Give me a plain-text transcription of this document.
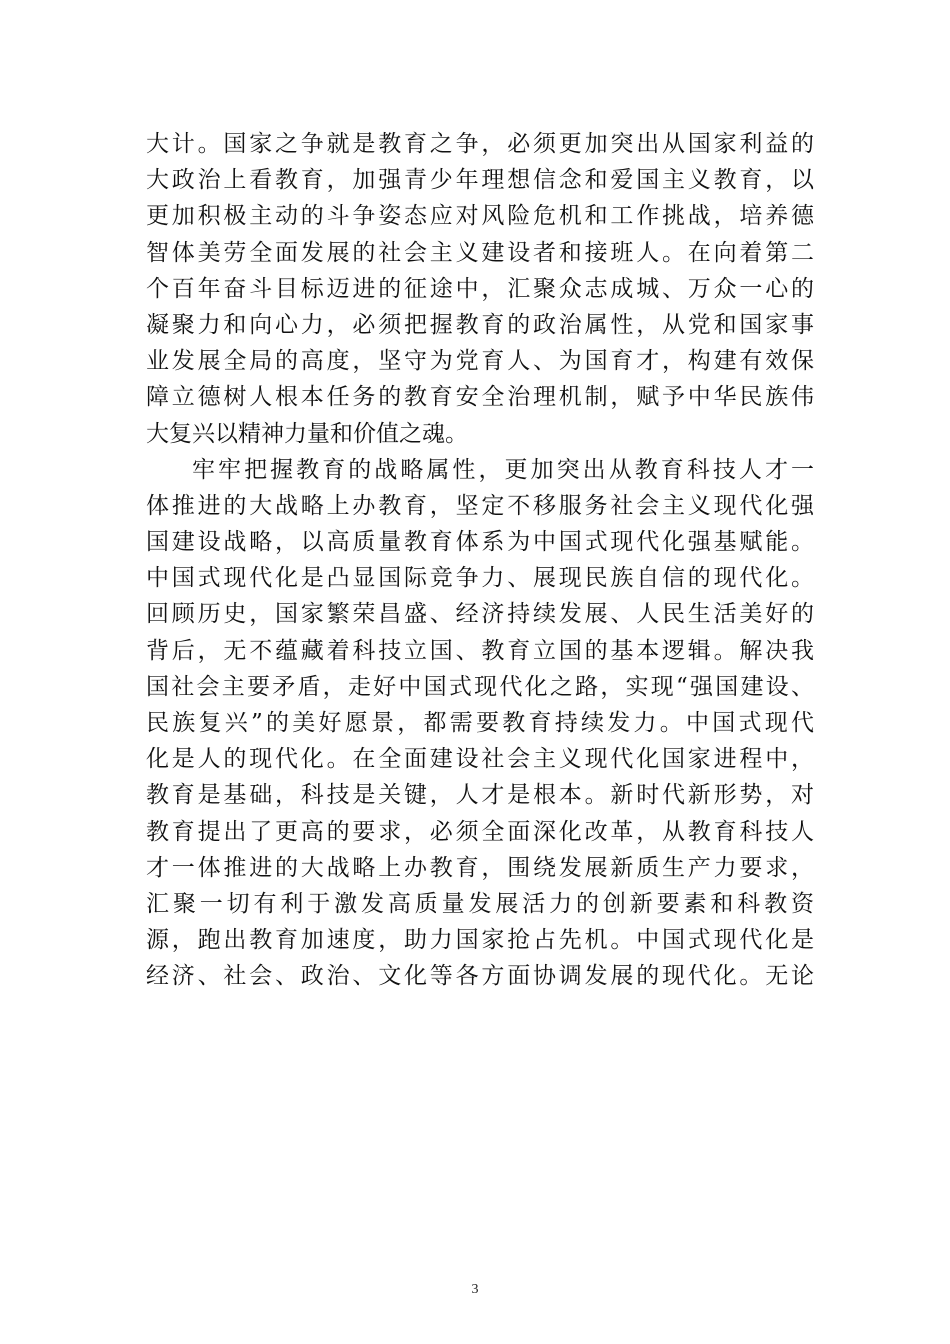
大计。国家之争就是教育之争，必须更加突出从国家利益的
大政治上看教育，加强青少年理想信念和爱国主义教育，以
更加积极主动的斗争姿态应对风险危机和工作挑战，培养德
智体美劳全面发展的社会主义建设者和接班人。在向着第二
个百年奋斗目标迈进的征途中，汇聚众志成城、万众一心的
凝聚力和向心力，必须把握教育的政治属性，从党和国家事
业发展全局的高度，坚守为党育人、为国育才，构建有效保
障立德树人根本任务的教育安全治理机制，赋予中华民族伟
大复兴以精神力量和价值之魂。
牢牢把握教育的战略属性，更加突出从教育科技人才一
体推进的大战略上办教育，坚定不移服务社会主义现代化强
国建设战略，以高质量教育体系为中国式现代化强基赋能。
中国式现代化是凸显国际竞争力、展现民族自信的现代化。
回顾历史，国家繁荣昌盛、经济持续发展、人民生活美好的
背后，无不蕴藏着科技立国、教育立国的基本逻辑。解决我
国社会主要矛盾，走好中国式现代化之路，实现“强国建设、
民族复兴”的美好愿景，都需要教育持续发力。中国式现代
化是人的现代化。在全面建设社会主义现代化国家进程中，
教育是基础，科技是关键，人才是根本。新时代新形势，对
教育提出了更高的要求，必须全面深化改革，从教育科技人
才一体推进的大战略上办教育，围绕发展新质生产力要求，
汇聚一切有利于激发高质量发展活力的创新要素和科教资
源，跑出教育加速度，助力国家抢占先机。中国式现代化是
经济、社会、政治、文化等各方面协调发展的现代化。无论
3
